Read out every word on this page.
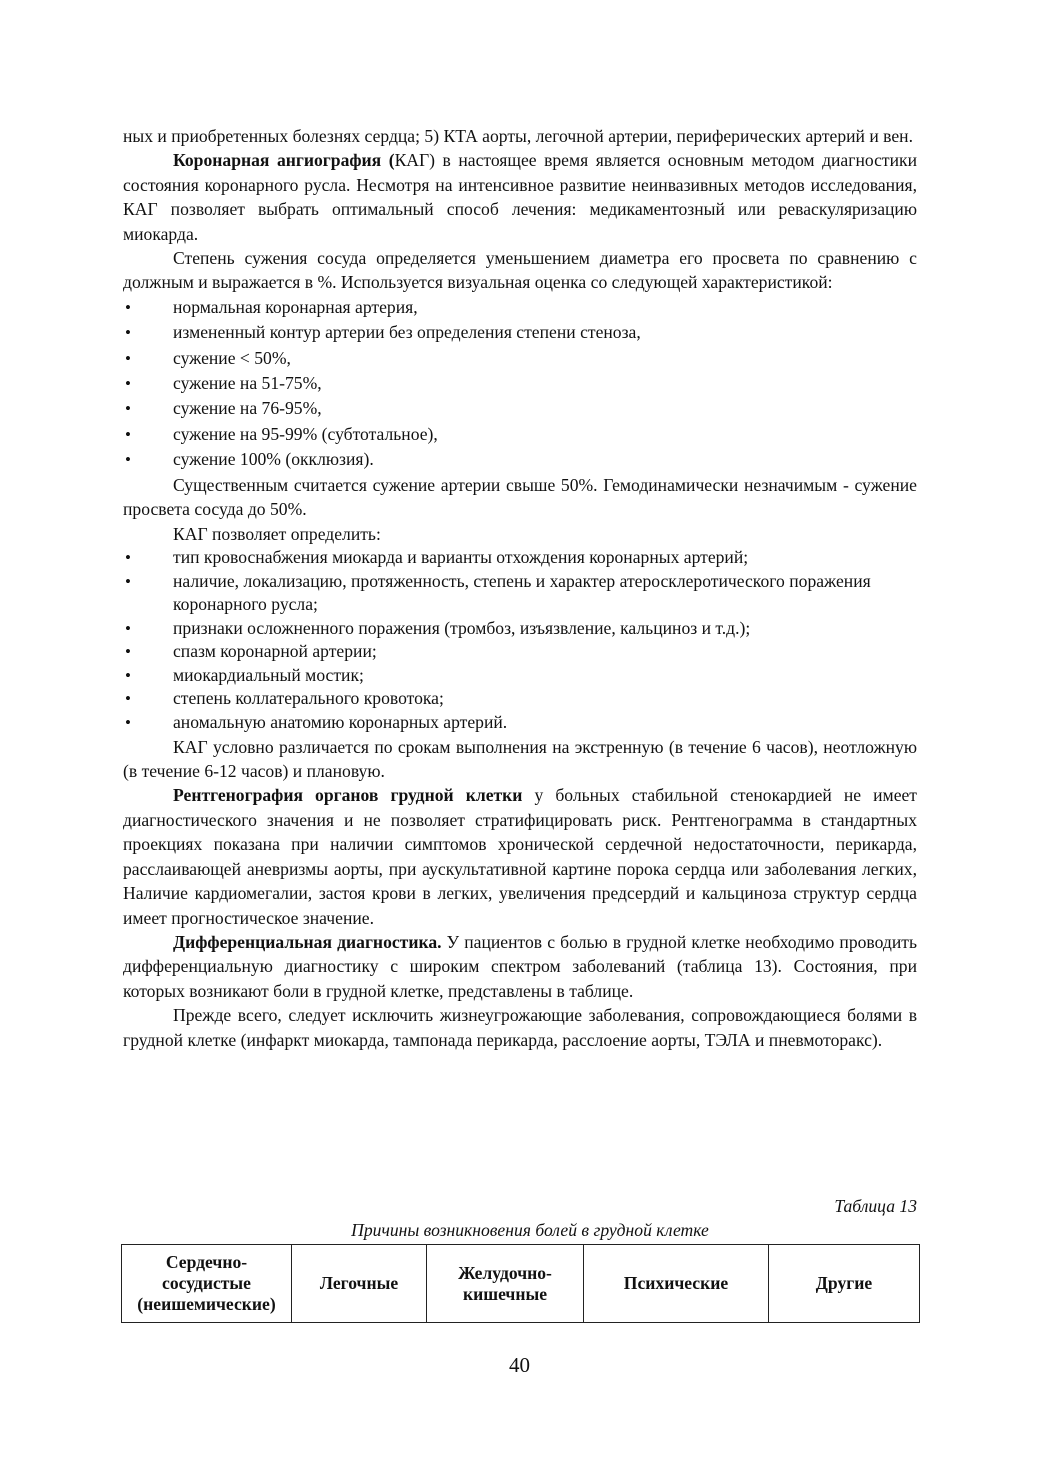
ных и приобретенных болезнях сердца; 5) КТА аорты, легочной артерии, периферических артерий и вен.

Коронарная ангиография (КАГ) в настоящее время является основным методом диагностики состояния коронарного русла. Несмотря на интенсивное развитие неинвазивных методов исследования, КАГ позволяет выбрать оптимальный способ лечения: медикаментозный или реваскуляризацию миокарда.

Степень сужения сосуда определяется уменьшением диаметра его просвета по сравнению с должным и выражается в %. Используется визуальная оценка со следующей характеристикой:

• нормальная коронарная артерия,
• измененный контур артерии без определения степени стеноза,
• сужение < 50%,
• сужение на 51-75%,
• сужение на 76-95%,
• сужение на 95-99% (субтотальное),
• сужение 100% (окклюзия).

Существенным считается сужение артерии свыше 50%. Гемодинамически незначимым - сужение просвета сосуда до 50%.

КАГ позволяет определить:

• тип кровоснабжения миокарда и варианты отхождения коронарных артерий;
• наличие, локализацию, протяженность, степень и характер атеросклеротического поражения коронарного русла;
• признаки осложненного поражения (тромбоз, изъязвление, кальциноз и т.д.);
• спазм коронарной артерии;
• миокардиальный мостик;
• степень коллатерального кровотока;
• аномальную анатомию коронарных артерий.

КАГ условно различается по срокам выполнения на экстренную (в течение 6 часов), неотложную (в течение 6-12 часов) и плановую.

Рентгенография органов грудной клетки у больных стабильной стенокардией не имеет диагностического значения и не позволяет стратифицировать риск. Рентгенограмма в стандартных проекциях показана при наличии симптомов хронической сердечной недостаточности, перикарда, расслаивающей аневризмы аорты, при аускультативной картине порока сердца или заболевания легких, Наличие кардиомегалии, застоя крови в легких, увеличения предсердий и кальциноза структур сердца имеет прогностическое значение.

Дифференциальная диагностика. У пациентов с болью в грудной клетке необходимо проводить дифференциальную диагностику с широким спектром заболеваний (таблица 13). Состояния, при которых возникают боли в грудной клетке, представлены в таблице.

Прежде всего, следует исключить жизнеугрожающие заболевания, сопровождающиеся болями в грудной клетке (инфаркт миокарда, тампонада перикарда, расслоение аорты, ТЭЛА и пневмоторакс).

Таблица 13

Причины возникновения болей в грудной клетке

Сердечно-сосудистые (неишемические)	Легочные	Желудочно-кишечные	Психические	Другие
40
